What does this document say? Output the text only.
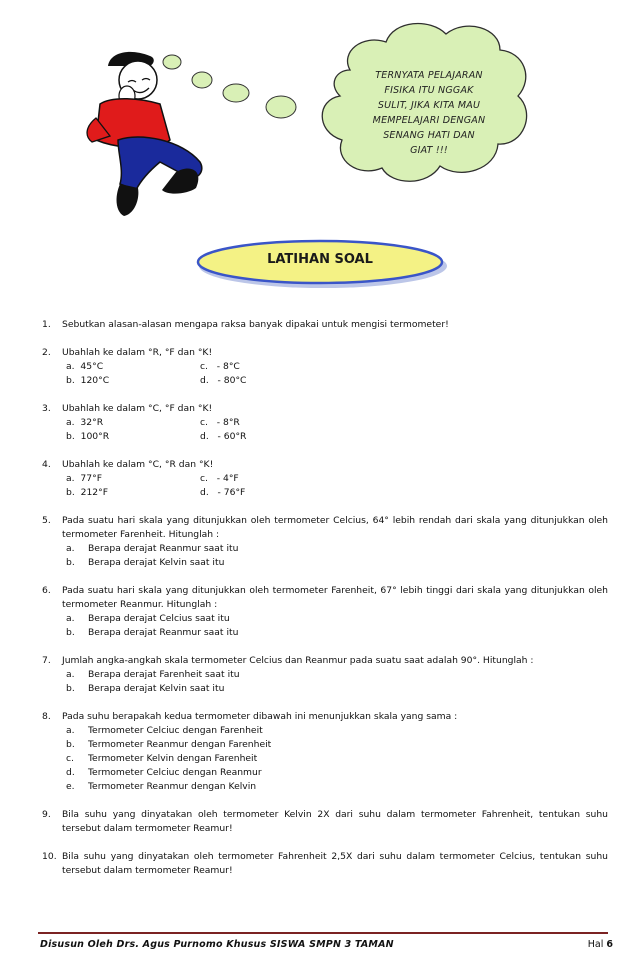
TERNYATA PELAJARAN
FISIKA ITU NGGAK
SULIT, JIKA KITA MAU
MEMPELAJARI DENGAN
SENANG HATI DAN
GIAT !!!
LATIHAN SOAL
1.	Sebutkan alasan-alasan mengapa raksa banyak dipakai untuk mengisi termometer!
2.	Ubahlah ke dalam °R, °F dan °K!
a. 45°C	c. - 8°C
b. 120°C	d. - 80°C
3.	Ubahlah ke dalam °C, °F dan °K!
a. 32°R	c. - 8°R
b. 100°R	d. - 60°R
4.	Ubahlah ke dalam °C, °R dan °K!
a. 77°F	c. - 4°F
b. 212°F	d. - 76°F
5.	Pada suatu hari skala yang ditunjukkan oleh termometer Celcius, 64° lebih rendah dari skala yang ditunjukkan oleh termometer Farenheit. Hitunglah :
a. Berapa derajat Reanmur saat itu
b. Berapa derajat Kelvin saat itu
6.	Pada suatu hari skala yang ditunjukkan oleh termometer Farenheit, 67° lebih tinggi dari skala yang ditunjukkan oleh termometer Reanmur. Hitunglah :
a. Berapa derajat Celcius saat itu
b. Berapa derajat Reanmur saat itu
7.	Jumlah angka-angkah skala termometer Celcius dan Reanmur pada suatu saat adalah 90°. Hitunglah :
a. Berapa derajat Farenheit saat itu
b. Berapa derajat Kelvin saat itu
8.	Pada suhu berapakah kedua termometer dibawah ini menunjukkan skala yang sama :
a. Termometer Celciuc dengan Farenheit
b. Termometer Reanmur dengan Farenheit
c. Termometer Kelvin dengan Farenheit
d. Termometer Celciuc dengan Reanmur
e. Termometer Reanmur dengan Kelvin
9.	Bila suhu yang dinyatakan oleh termometer Kelvin 2X dari suhu dalam termometer Fahrenheit, tentukan suhu tersebut dalam termometer Reamur!
10. Bila suhu yang dinyatakan oleh termometer Fahrenheit 2,5X dari suhu dalam termometer Celcius, tentukan suhu tersebut dalam termometer Reamur!
Disusun Oleh Drs. Agus Purnomo Khusus SISWA SMPN 3 TAMAN	Hal 6
